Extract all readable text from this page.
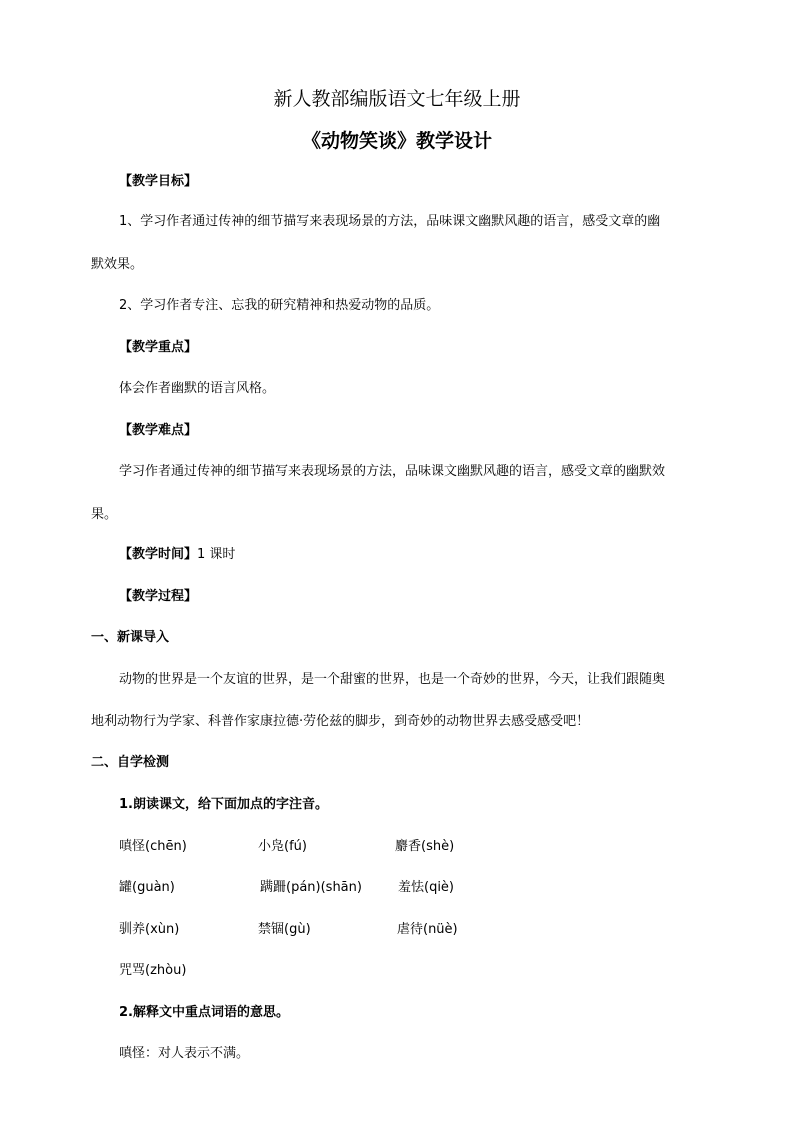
新人教部编版语文七年级上册
《动物笑谈》教学设计
【教学目标】
1、学习作者通过传神的细节描写来表现场景的方法，品味课文幽默风趣的语言，感受文章的幽
默效果。
2、学习作者专注、忘我的研究精神和热爱动物的品质。
【教学重点】
体会作者幽默的语言风格。
【教学难点】
学习作者通过传神的细节描写来表现场景的方法，品味课文幽默风趣的语言，感受文章的幽默效
果。
【教学时间】1 课时
【教学过程】
一、新课导入
动物的世界是一个友谊的世界，是一个甜蜜的世界，也是一个奇妙的世界，今天，让我们跟随奥
地利动物行为学家、科普作家康拉德·劳伦兹的脚步，到奇妙的动物世界去感受感受吧！
二、自学检测
1.朗读课文，给下面加点的字注音。
嗔怪(chēn)	小凫(fú)	麝香(shè)
罐(guàn)	蹒跚(pán)(shān)	羞怯(qiè)
驯养(xùn)	禁锢(gù)	虐待(nüè)
咒骂(zhòu)
2.解释文中重点词语的意思。
嗔怪：对人表示不满。
